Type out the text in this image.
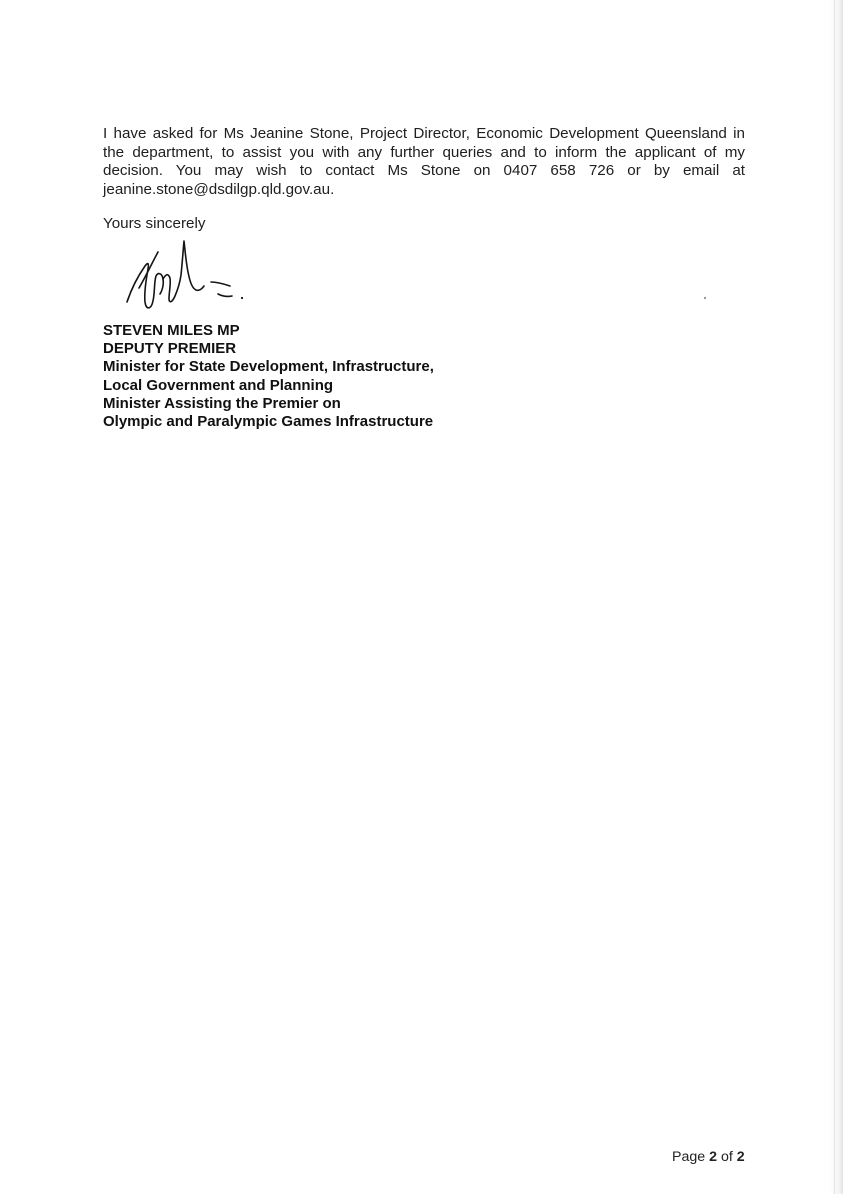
I have asked for Ms Jeanine Stone, Project Director, Economic Development Queensland in
the department, to assist you with any further queries and to inform the applicant of my
decision. You may wish to contact Ms Stone on 0407 658 726 or by email at
jeanine.stone@dsdilgp.qld.gov.au.

Yours sincerely

STEVEN MILES MP
DEPUTY PREMIER
Minister for State Development, Infrastructure,
Local Government and Planning
Minister Assisting the Premier on
Olympic and Paralympic Games Infrastructure
Page 2 of 2
